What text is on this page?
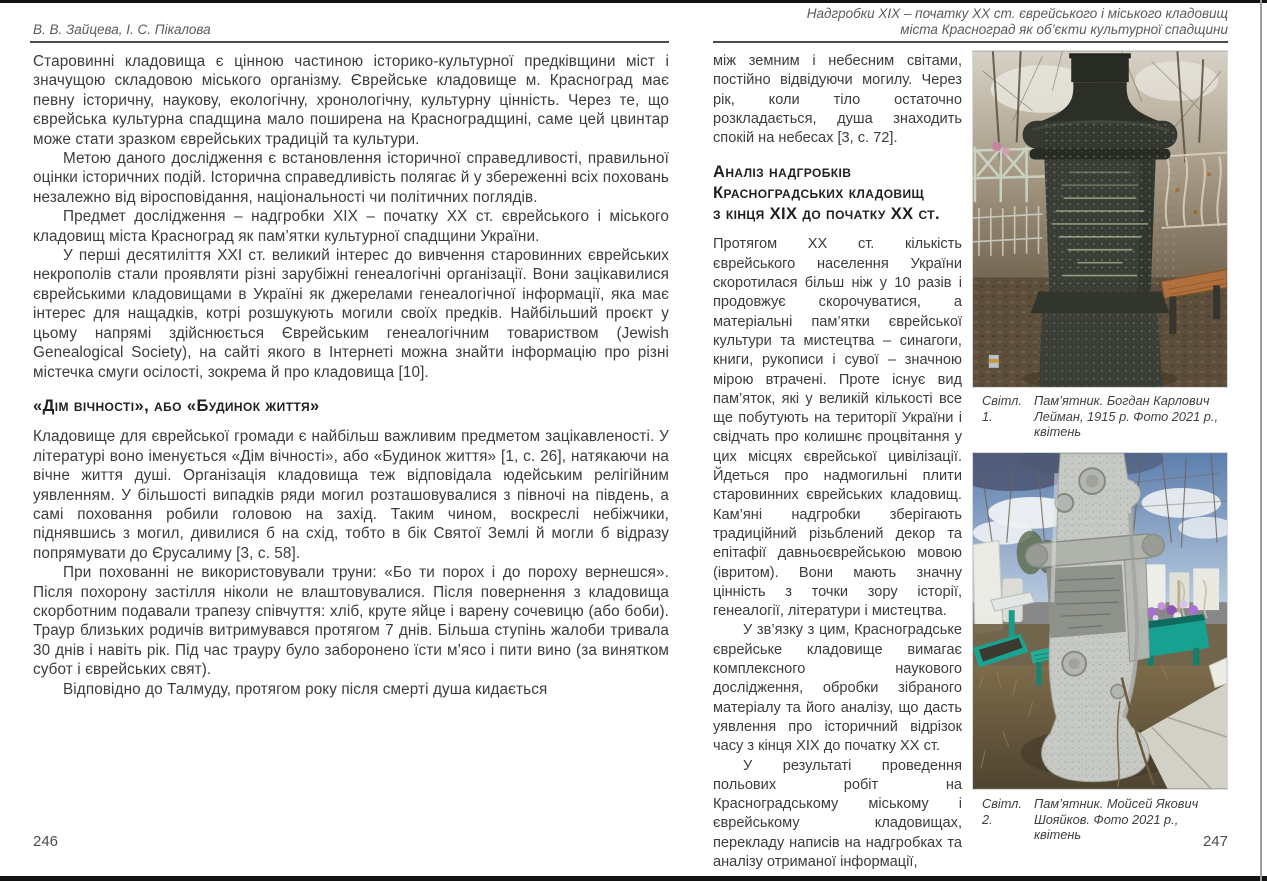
В. В. Зайцева, І. С. Пікалова

Старовинні кладовища є цінною частиною історико-культурної предківщини міст і значущою складовою міського організму. Єврейське кладовище м. Красноград має певну історичну, наукову, екологічну, хронологічну, культурну цінність. Через те, що єврейська культурна спадщина мало поширена на Красноградщині, саме цей цвинтар може стати зразком єврейських традицій та культури.

Метою даного дослідження є встановлення історичної справедливості, правильної оцінки історичних подій. Історична справедливість полягає й у збереженні всіх поховань незалежно від віросповідання, національності чи політичних поглядів.

Предмет дослідження – надгробки XIX – початку XX ст. єврейського і міського кладовищ міста Красноград як пам’ятки культурної спадщини України.

У перші десятиліття XXI ст. великий інтерес до вивчення старовинних єврейських некрополів стали проявляти різні зарубіжні генеалогічні організації. Вони зацікавилися єврейськими кладовищами в Україні як джерелами генеалогічної інформації, яка має інтерес для нащадків, котрі розшукують могили своїх предків. Найбільший проєкт у цьому напрямі здійснюється Єврейським генеалогічним товариством (Jewish Genealogical Society), на сайті якого в Інтернеті можна знайти інформацію про різні містечка смуги осілості, зокрема й про кладовища [10].

«Дім вічності», або «Будинок життя»

Кладовище для єврейської громади є найбільш важливим предметом зацікавленості. У літературі воно іменується «Дім вічності», або «Будинок життя» [1, с. 26], натякаючи на вічне життя душі. Організація кладовища теж відповідала юдейським релігійним уявленням. У більшості випадків ряди могил розташовувалися з півночі на південь, а самі поховання робили головою на захід. Таким чином, воскреслі небіжчики, піднявшись з могил, дивилися б на схід, тобто в бік Святої Землі й могли б відразу попрямувати до Єрусалиму [3, с. 58].

При похованні не використовували труни: «Бо ти порох і до пороху вернешся». Після похорону застілля ніколи не влаштовувалися. Після повернення з кладовища скорботним подавали трапезу співчуття: хліб, круте яйце і варену сочевицю (або боби). Траур близьких родичів витримувався протягом 7 днів. Більша ступінь жалоби тривала 30 днів і навіть рік. Під час трауру було заборонено їсти м’ясо і пити вино (за винятком субот і єврейських свят).

Відповідно до Талмуду, протягом року після смерті душа кидається

246
Надгробки XIX – початку XX ст. єврейського і міського кладовищ
міста Красноград як об’єкти культурної спадщини

між земним і небесним світами, постійно відвідуючи могилу. Через рік, коли тіло остаточно розкладається, душа знаходить спокій на небесах [3, с. 72].

Аналіз надгробків
Красноградських кладовищ
з кінця XIX до початку XX ст.

Протягом XX ст. кількість єврейського населення України скоротилася більш ніж у 10 разів і продовжує скорочуватися, а матеріальні пам’ятки єврейської культури та мистецтва – синагоги, книги, рукописи і сувої – значною мірою втрачені. Проте існує вид пам’яток, які у великій кількості все ще побутують на території України і свідчать про колишнє процвітання у цих місцях єврейської цивілізації. Йдеться про надмогильні плити старовинних єврейських кладовищ. Кам’яні надгробки зберігають традиційний різьблений декор та епітафії давньоєврейською мовою (івритом). Вони мають значну цінність з точки зору історії, генеалогії, літератури і мистецтва.

У зв’язку з цим, Красноградське єврейське кладовище вимагає комплексного наукового дослідження, обробки зібраного матеріалу та його аналізу, що дасть уявлення про історичний відрізок часу з кінця XIX до початку XX ст.

У результаті проведення польових робіт на Красноградському міському і єврейському кладовищах, перекладу написів на надгробках та аналізу отриманої інформації,

Світл. 1.Пам’ятник. Богдан Карлович Лейман, 1915 р. Фото 2021 р., квітень
Світл. 2.Пам’ятник. Мойсей Якович Шояйков. Фото 2021 р., квітень	247
